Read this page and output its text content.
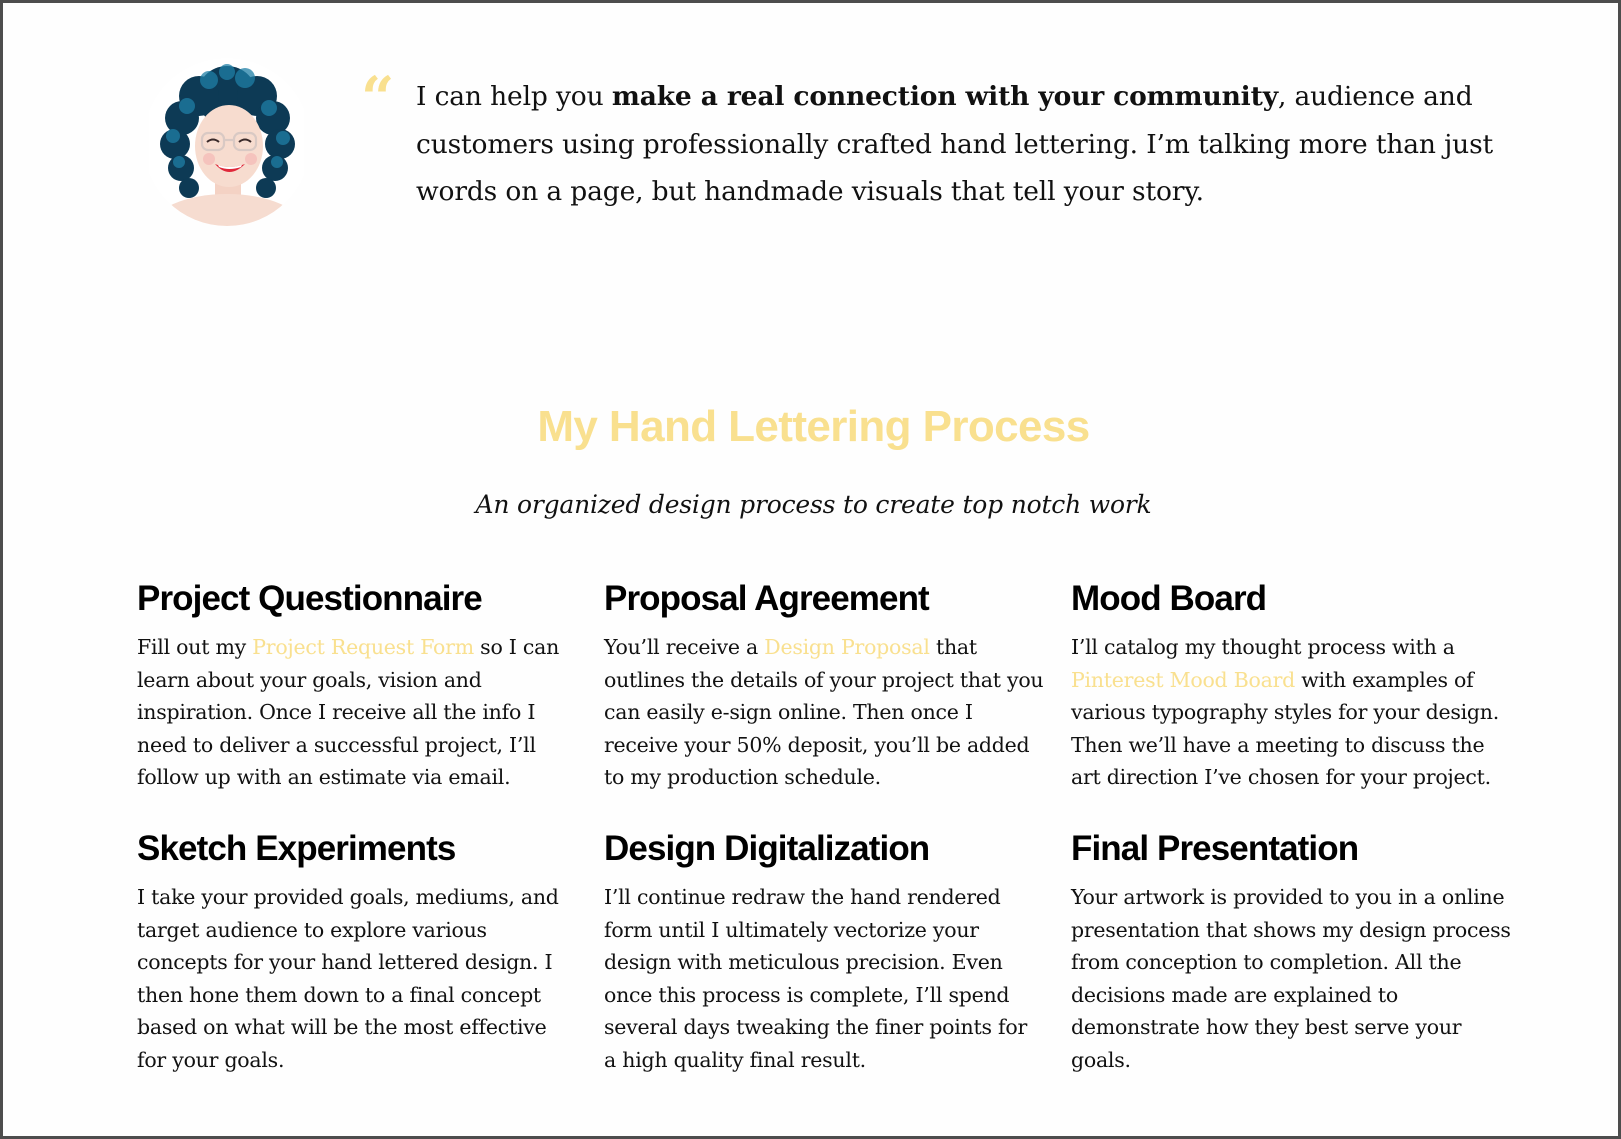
“ I can help you make a real connection with your community, audience and customers using professionally crafted hand lettering. I’m talking more than just words on a page, but handmade visuals that tell your story.

My Hand Lettering Process

An organized design process to create top notch work

Project Questionnaire

Fill out my Project Request Form so I can learn about your goals, vision and inspiration. Once I receive all the info I need to deliver a successful project, I’ll follow up with an estimate via email.

Proposal Agreement

You’ll receive a Design Proposal that outlines the details of your project that you can easily e-sign online. Then once I receive your 50% deposit, you’ll be added to my production schedule.

Mood Board

I’ll catalog my thought process with a Pinterest Mood Board with examples of various typography styles for your design. Then we’ll have a meeting to discuss the art direction I’ve chosen for your project.

Sketch Experiments

I take your provided goals, mediums, and target audience to explore various concepts for your hand lettered design. I then hone them down to a final concept based on what will be the most effective for your goals.

Design Digitalization

I’ll continue redraw the hand rendered form until I ultimately vectorize your design with meticulous precision. Even once this process is complete, I’ll spend several days tweaking the finer points for a high quality final result.

Final Presentation

Your artwork is provided to you in a online presentation that shows my design process from conception to completion. All the decisions made are explained to demonstrate how they best serve your goals.
